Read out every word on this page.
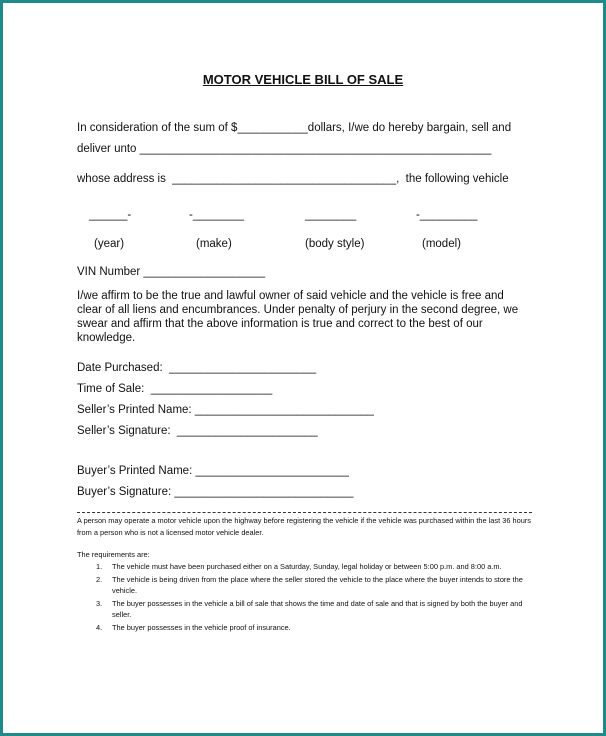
MOTOR VEHICLE BILL OF SALE
In consideration of the sum of $___________dollars, I/we do hereby bargain, sell and
deliver unto _______________________________________________________
whose address is  ___________________________________,  the following vehicle
______-	-________	________	-_________
(year)	(make)	(body style)	(model)
VIN Number ___________________
I/we affirm to be the true and lawful owner of said vehicle and the vehicle is free and clear of all liens and encumbrances. Under penalty of perjury in the second degree, we swear and affirm that the above information is true and correct to the best of our knowledge.
Date Purchased:  _______________________
Time of Sale:  ___________________
Seller’s Printed Name: ____________________________
Seller’s Signature:  ______________________
Buyer’s Printed Name: ________________________
Buyer’s Signature: ____________________________
A person may operate a motor vehicle upon the highway before registering the vehicle if the vehicle was purchased within the last 36 hours from a person who is not a licensed motor vehicle dealer.
The requirements are:
1. The vehicle must have been purchased either on a Saturday, Sunday, legal holiday or between 5:00 p.m. and 8:00 a.m.
2. The vehicle is being driven from the place where the seller stored the vehicle to the place where the buyer intends to store the vehicle.
3. The buyer possesses in the vehicle a bill of sale that shows the time and date of sale and that is signed by both the buyer and seller.
4. The buyer possesses in the vehicle proof of insurance.
